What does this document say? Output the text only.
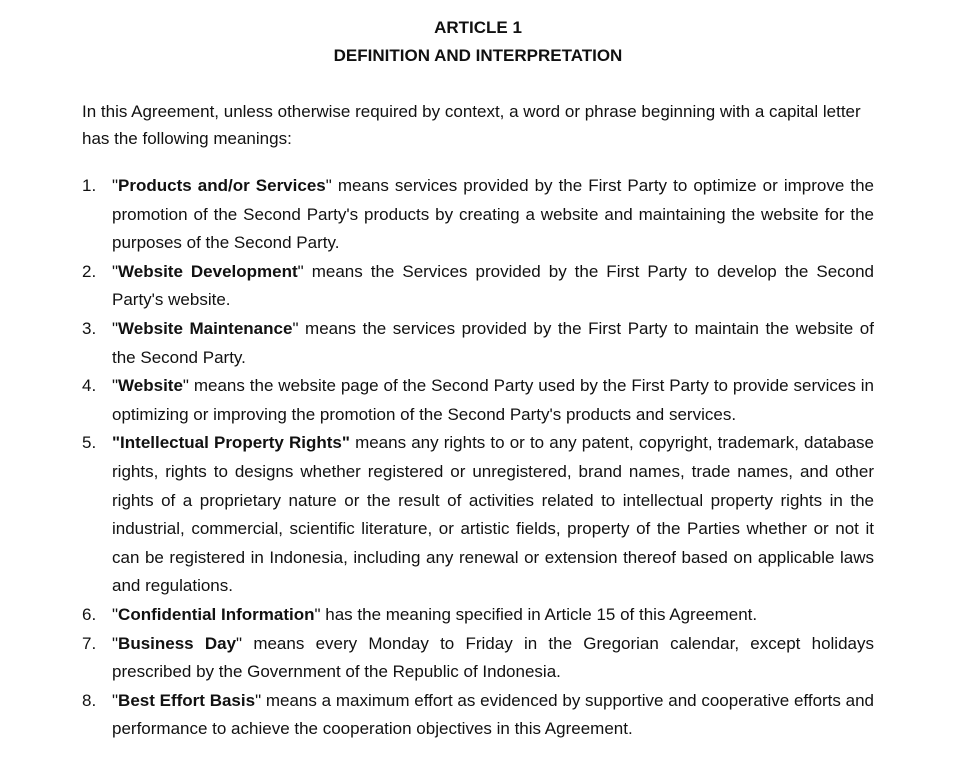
ARTICLE 1

DEFINITION AND INTERPRETATION

In this Agreement, unless otherwise required by context, a word or phrase beginning with a capital letter has the following meanings:

1. "Products and/or Services" means services provided by the First Party to optimize or improve the promotion of the Second Party's products by creating a website and maintaining the website for the purposes of the Second Party.
2. "Website Development" means the Services provided by the First Party to develop the Second Party's website.
3. "Website Maintenance" means the services provided by the First Party to maintain the website of the Second Party.
4. "Website" means the website page of the Second Party used by the First Party to provide services in optimizing or improving the promotion of the Second Party's products and services.
5. "Intellectual Property Rights" means any rights to or to any patent, copyright, trademark, database rights, rights to designs whether registered or unregistered, brand names, trade names, and other rights of a proprietary nature or the result of activities related to intellectual property rights in the industrial, commercial, scientific literature, or artistic fields, property of the Parties whether or not it can be registered in Indonesia, including any renewal or extension thereof based on applicable laws and regulations.
6. "Confidential Information" has the meaning specified in Article 15 of this Agreement.
7. "Business Day" means every Monday to Friday in the Gregorian calendar, except holidays prescribed by the Government of the Republic of Indonesia.
8. "Best Effort Basis" means a maximum effort as evidenced by supportive and cooperative efforts and performance to achieve the cooperation objectives in this Agreement.
